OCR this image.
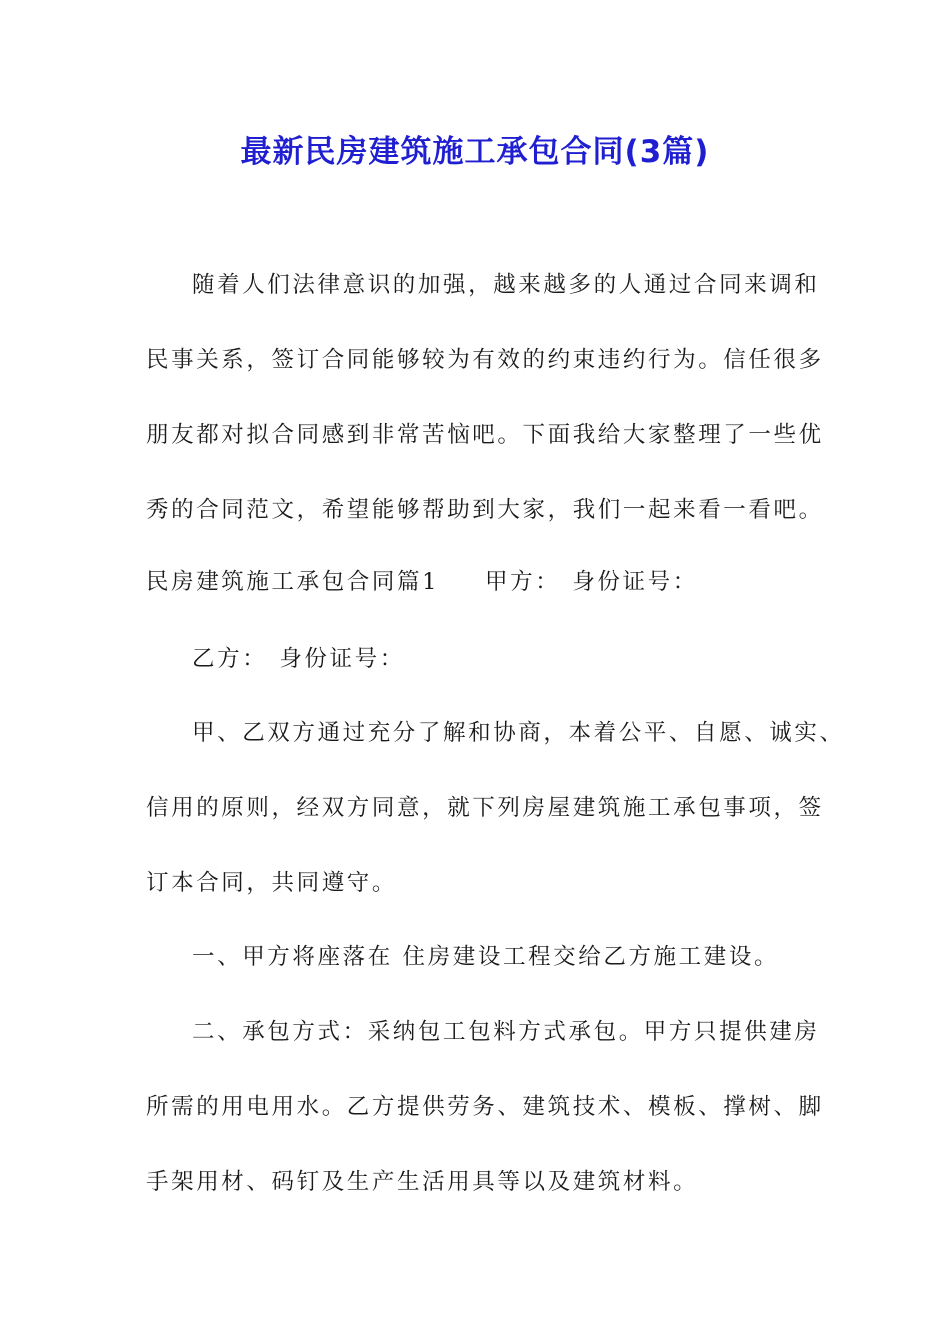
最新民房建筑施工承包合同(3篇)

随着人们法律意识的加强，越来越多的人通过合同来调和

民事关系，签订合同能够较为有效的约束违约行为。信任很多

朋友都对拟合同感到非常苦恼吧。下面我给大家整理了一些优

秀的合同范文，希望能够帮助到大家，我们一起来看一看吧。

民房建筑施工承包合同篇1 甲方： 身份证号：

乙方： 身份证号：

甲、乙双方通过充分了解和协商，本着公平、自愿、诚实、

信用的原则，经双方同意，就下列房屋建筑施工承包事项，签

订本合同，共同遵守。

一、甲方将座落在 住房建设工程交给乙方施工建设。

二、承包方式：采纳包工包料方式承包。甲方只提供建房

所需的用电用水。乙方提供劳务、建筑技术、模板、撑树、脚

手架用材、码钉及生产生活用具等以及建筑材料。
